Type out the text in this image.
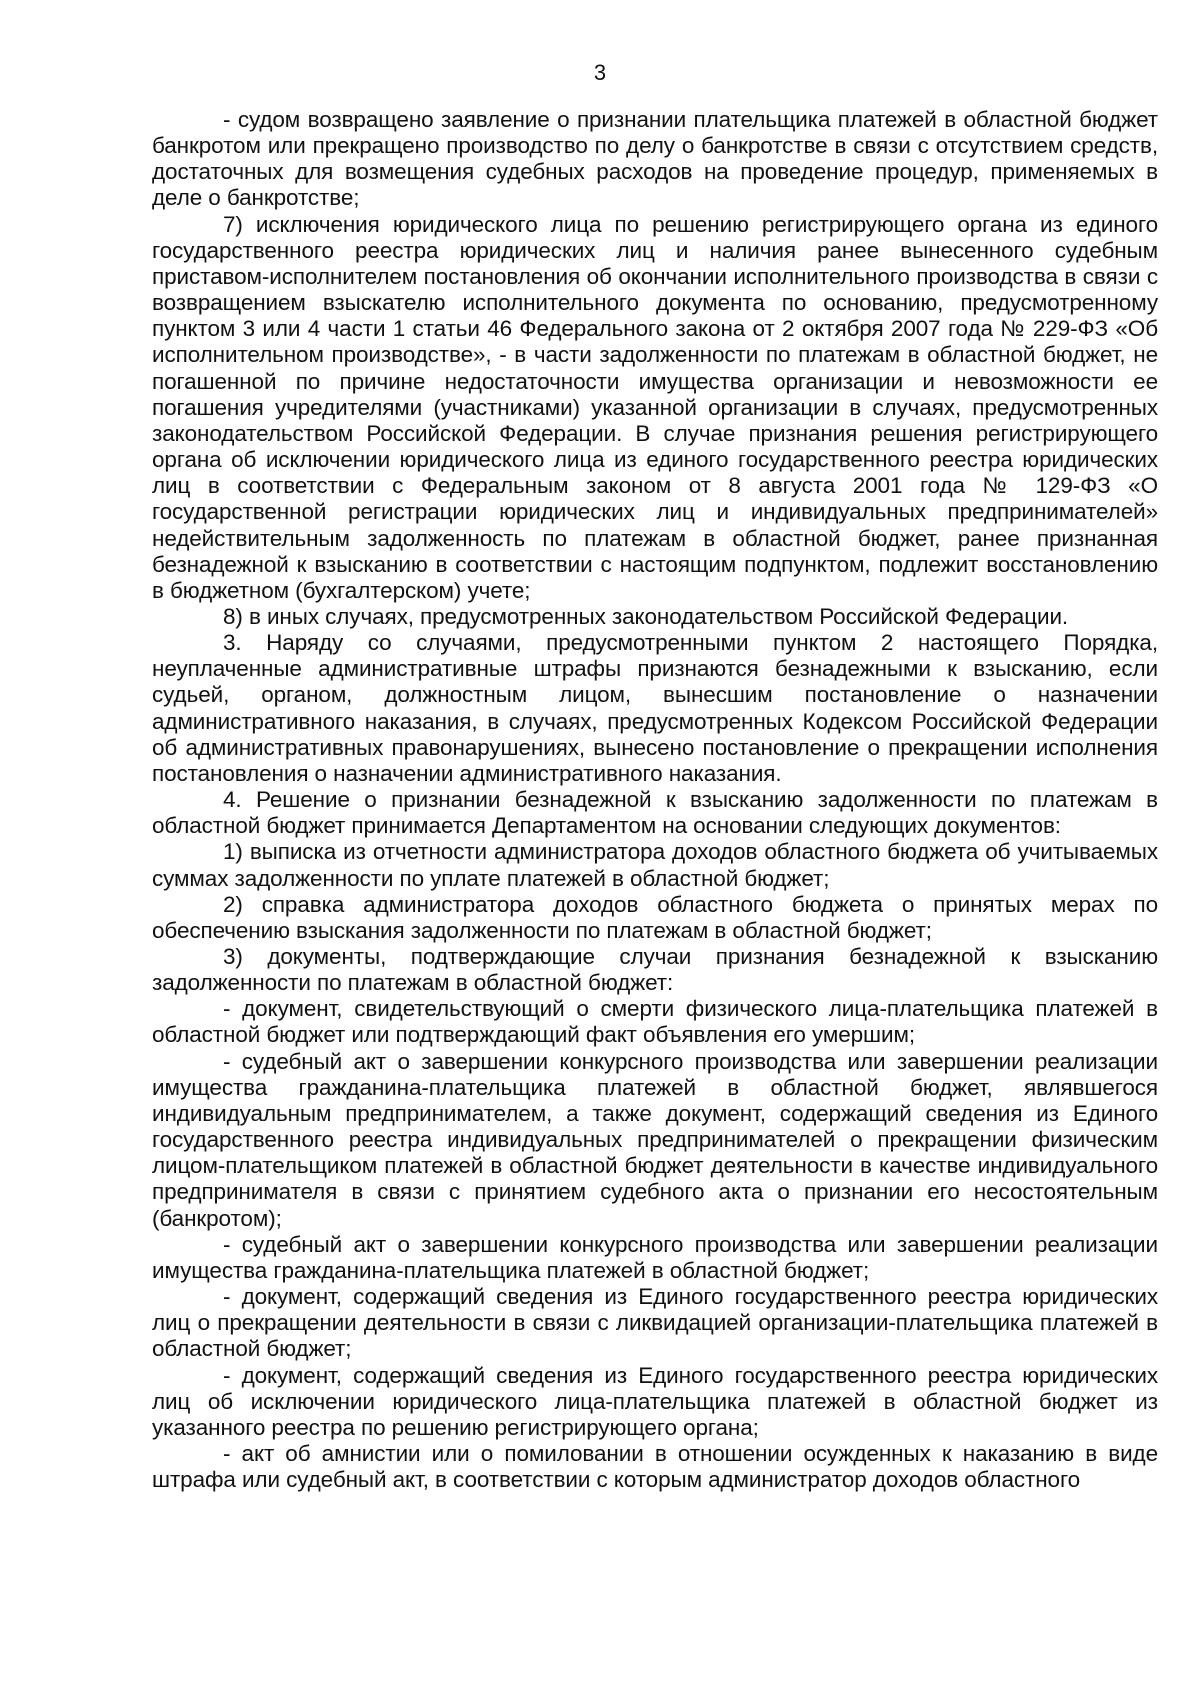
3

- судом возвращено заявление о признании плательщика платежей в областной бюджет банкротом или прекращено производство по делу о банкротстве в связи с отсутствием средств, достаточных для возмещения судебных расходов на проведение процедур, применяемых в деле о банкротстве;

7) исключения юридического лица по решению регистрирующего органа из единого государственного реестра юридических лиц и наличия ранее вынесенного судебным приставом-исполнителем постановления об окончании исполнительного производства в связи с возвращением взыскателю исполнительного документа по основанию, предусмотренному пунктом 3 или 4 части 1 статьи 46 Федерального закона от 2 октября 2007 года № 229-ФЗ «Об исполнительном производстве», - в части задолженности по платежам в областной бюджет, не погашенной по причине недостаточности имущества организации и невозможности ее погашения учредителями (участниками) указанной организации в случаях, предусмотренных законодательством Российской Федерации. В случае признания решения регистрирующего органа об исключении юридического лица из единого государственного реестра юридических лиц в соответствии с Федеральным законом от 8 августа 2001 года № 129-ФЗ «О государственной регистрации юридических лиц и индивидуальных предпринимателей» недействительным задолженность по платежам в областной бюджет, ранее признанная безнадежной к взысканию в соответствии с настоящим подпунктом, подлежит восстановлению в бюджетном (бухгалтерском) учете;

8) в иных случаях, предусмотренных законодательством Российской Федерации.

3. Наряду со случаями, предусмотренными пунктом 2 настоящего Порядка, неуплаченные административные штрафы признаются безнадежными к взысканию, если судьей, органом, должностным лицом, вынесшим постановление о назначении административного наказания, в случаях, предусмотренных Кодексом Российской Федерации об административных правонарушениях, вынесено постановление о прекращении исполнения постановления о назначении административного наказания.

4. Решение о признании безнадежной к взысканию задолженности по платежам в областной бюджет принимается Департаментом на основании следующих документов:

1) выписка из отчетности администратора доходов областного бюджета об учитываемых суммах задолженности по уплате платежей в областной бюджет;

2) справка администратора доходов областного бюджета о принятых мерах по обеспечению взыскания задолженности по платежам в областной бюджет;

3) документы, подтверждающие случаи признания безнадежной к взысканию задолженности по платежам в областной бюджет:

- документ, свидетельствующий о смерти физического лица-плательщика платежей в областной бюджет или подтверждающий факт объявления его умершим;

- судебный акт о завершении конкурсного производства или завершении реализации имущества гражданина-плательщика платежей в областной бюджет, являвшегося индивидуальным предпринимателем, а также документ, содержащий сведения из Единого государственного реестра индивидуальных предпринимателей о прекращении физическим лицом-плательщиком платежей в областной бюджет деятельности в качестве индивидуального предпринимателя в связи с принятием судебного акта о признании его несостоятельным (банкротом);

- судебный акт о завершении конкурсного производства или завершении реализации имущества гражданина-плательщика платежей в областной бюджет;

- документ, содержащий сведения из Единого государственного реестра юридических лиц о прекращении деятельности в связи с ликвидацией организации-плательщика платежей в областной бюджет;

- документ, содержащий сведения из Единого государственного реестра юридических лиц об исключении юридического лица-плательщика платежей в областной бюджет из указанного реестра по решению регистрирующего органа;

- акт об амнистии или о помиловании в отношении осужденных к наказанию в виде штрафа или судебный акт, в соответствии с которым администратор доходов областного
